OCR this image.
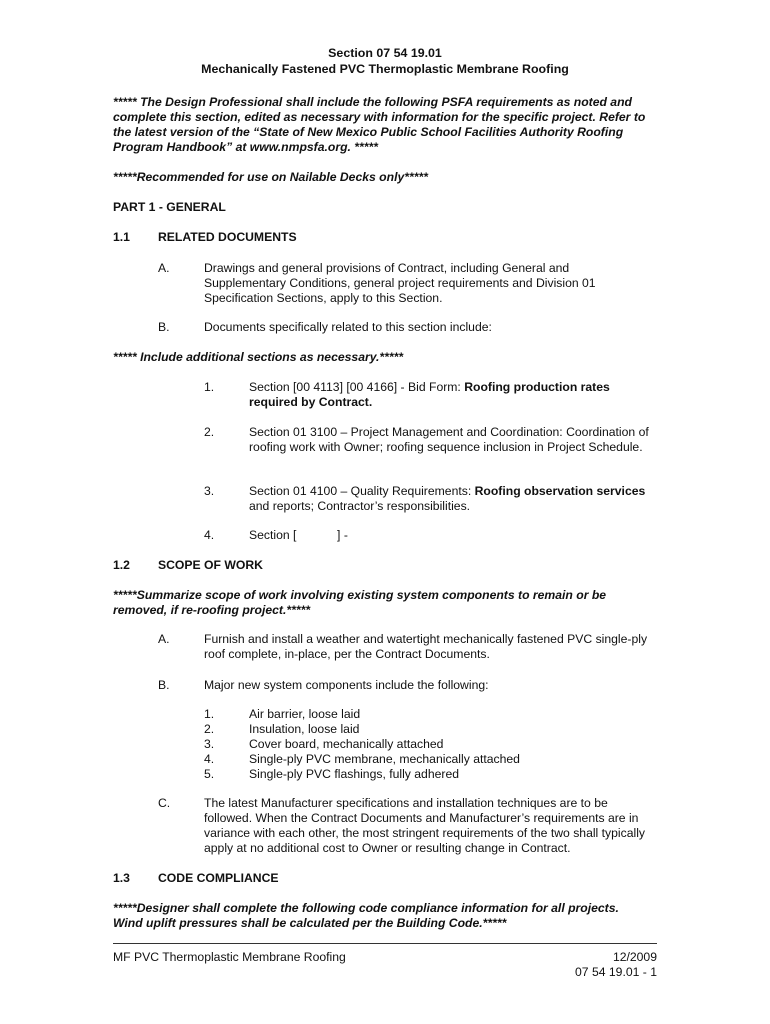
Section 07 54 19.01
Mechanically Fastened PVC Thermoplastic Membrane Roofing
***** The Design Professional shall include the following PSFA requirements as noted and complete this section, edited as necessary with information for the specific project. Refer to the latest version of the “State of New Mexico Public School Facilities Authority Roofing Program Handbook” at www.nmpsfa.org. *****
*****Recommended for use on Nailable Decks only*****
PART 1 - GENERAL
1.1 RELATED DOCUMENTS
A.	Drawings and general provisions of Contract, including General and Supplementary Conditions, general project requirements and Division 01 Specification Sections, apply to this Section.
B.	Documents specifically related to this section include:
***** Include additional sections as necessary.*****
1.	Section [00 4113] [00 4166] - Bid Form: Roofing production rates required by Contract.
2.	Section 01 3100 – Project Management and Coordination: Coordination of roofing work with Owner; roofing sequence inclusion in Project Schedule.
3.	Section 01 4100 – Quality Requirements: Roofing observation services and reports; Contractor’s responsibilities.
4.	Section [            ] -
1.2 SCOPE OF WORK
*****Summarize scope of work involving existing system components to remain or be removed, if re-roofing project.*****
A.	Furnish and install a weather and watertight mechanically fastened PVC single-ply roof complete, in-place, per the Contract Documents.
B.	Major new system components include the following:
1.	Air barrier, loose laid
2.	Insulation, loose laid
3.	Cover board, mechanically attached
4.	Single-ply PVC membrane, mechanically attached
5.	Single-ply PVC flashings, fully adhered
C.	The latest Manufacturer specifications and installation techniques are to be followed. When the Contract Documents and Manufacturer’s requirements are in variance with each other, the most stringent requirements of the two shall typically apply at no additional cost to Owner or resulting change in Contract.
1.3 CODE COMPLIANCE
*****Designer shall complete the following code compliance information for all projects. Wind uplift pressures shall be calculated per the Building Code.*****
MF PVC Thermoplastic Membrane Roofing	12/2009
07 54 19.01 - 1
